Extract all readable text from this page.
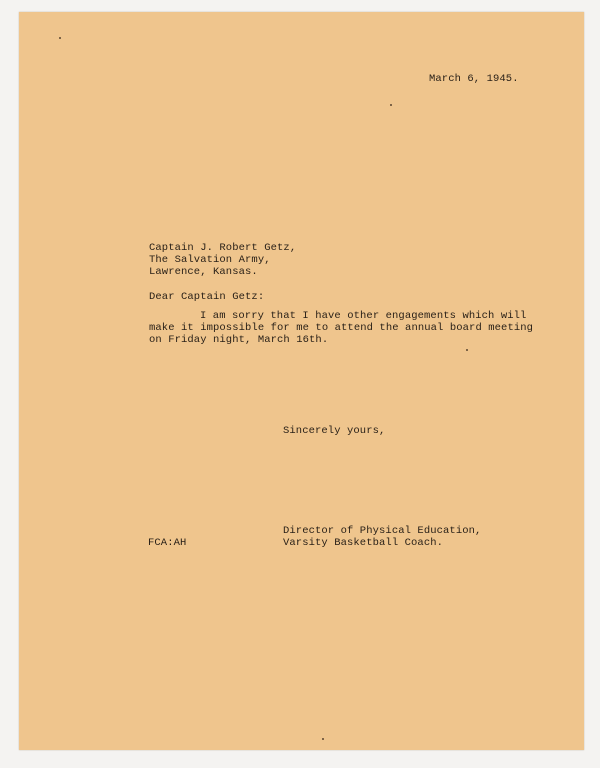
March 6, 1945.
Captain J. Robert Getz,
The Salvation Army,
Lawrence, Kansas.
Dear Captain Getz:
I am sorry that I have other engagements which will
make it impossible for me to attend the annual board meeting
on Friday night, March 16th.
Sincerely yours,
Director of Physical Education,
Varsity Basketball Coach.
FCA:AH
